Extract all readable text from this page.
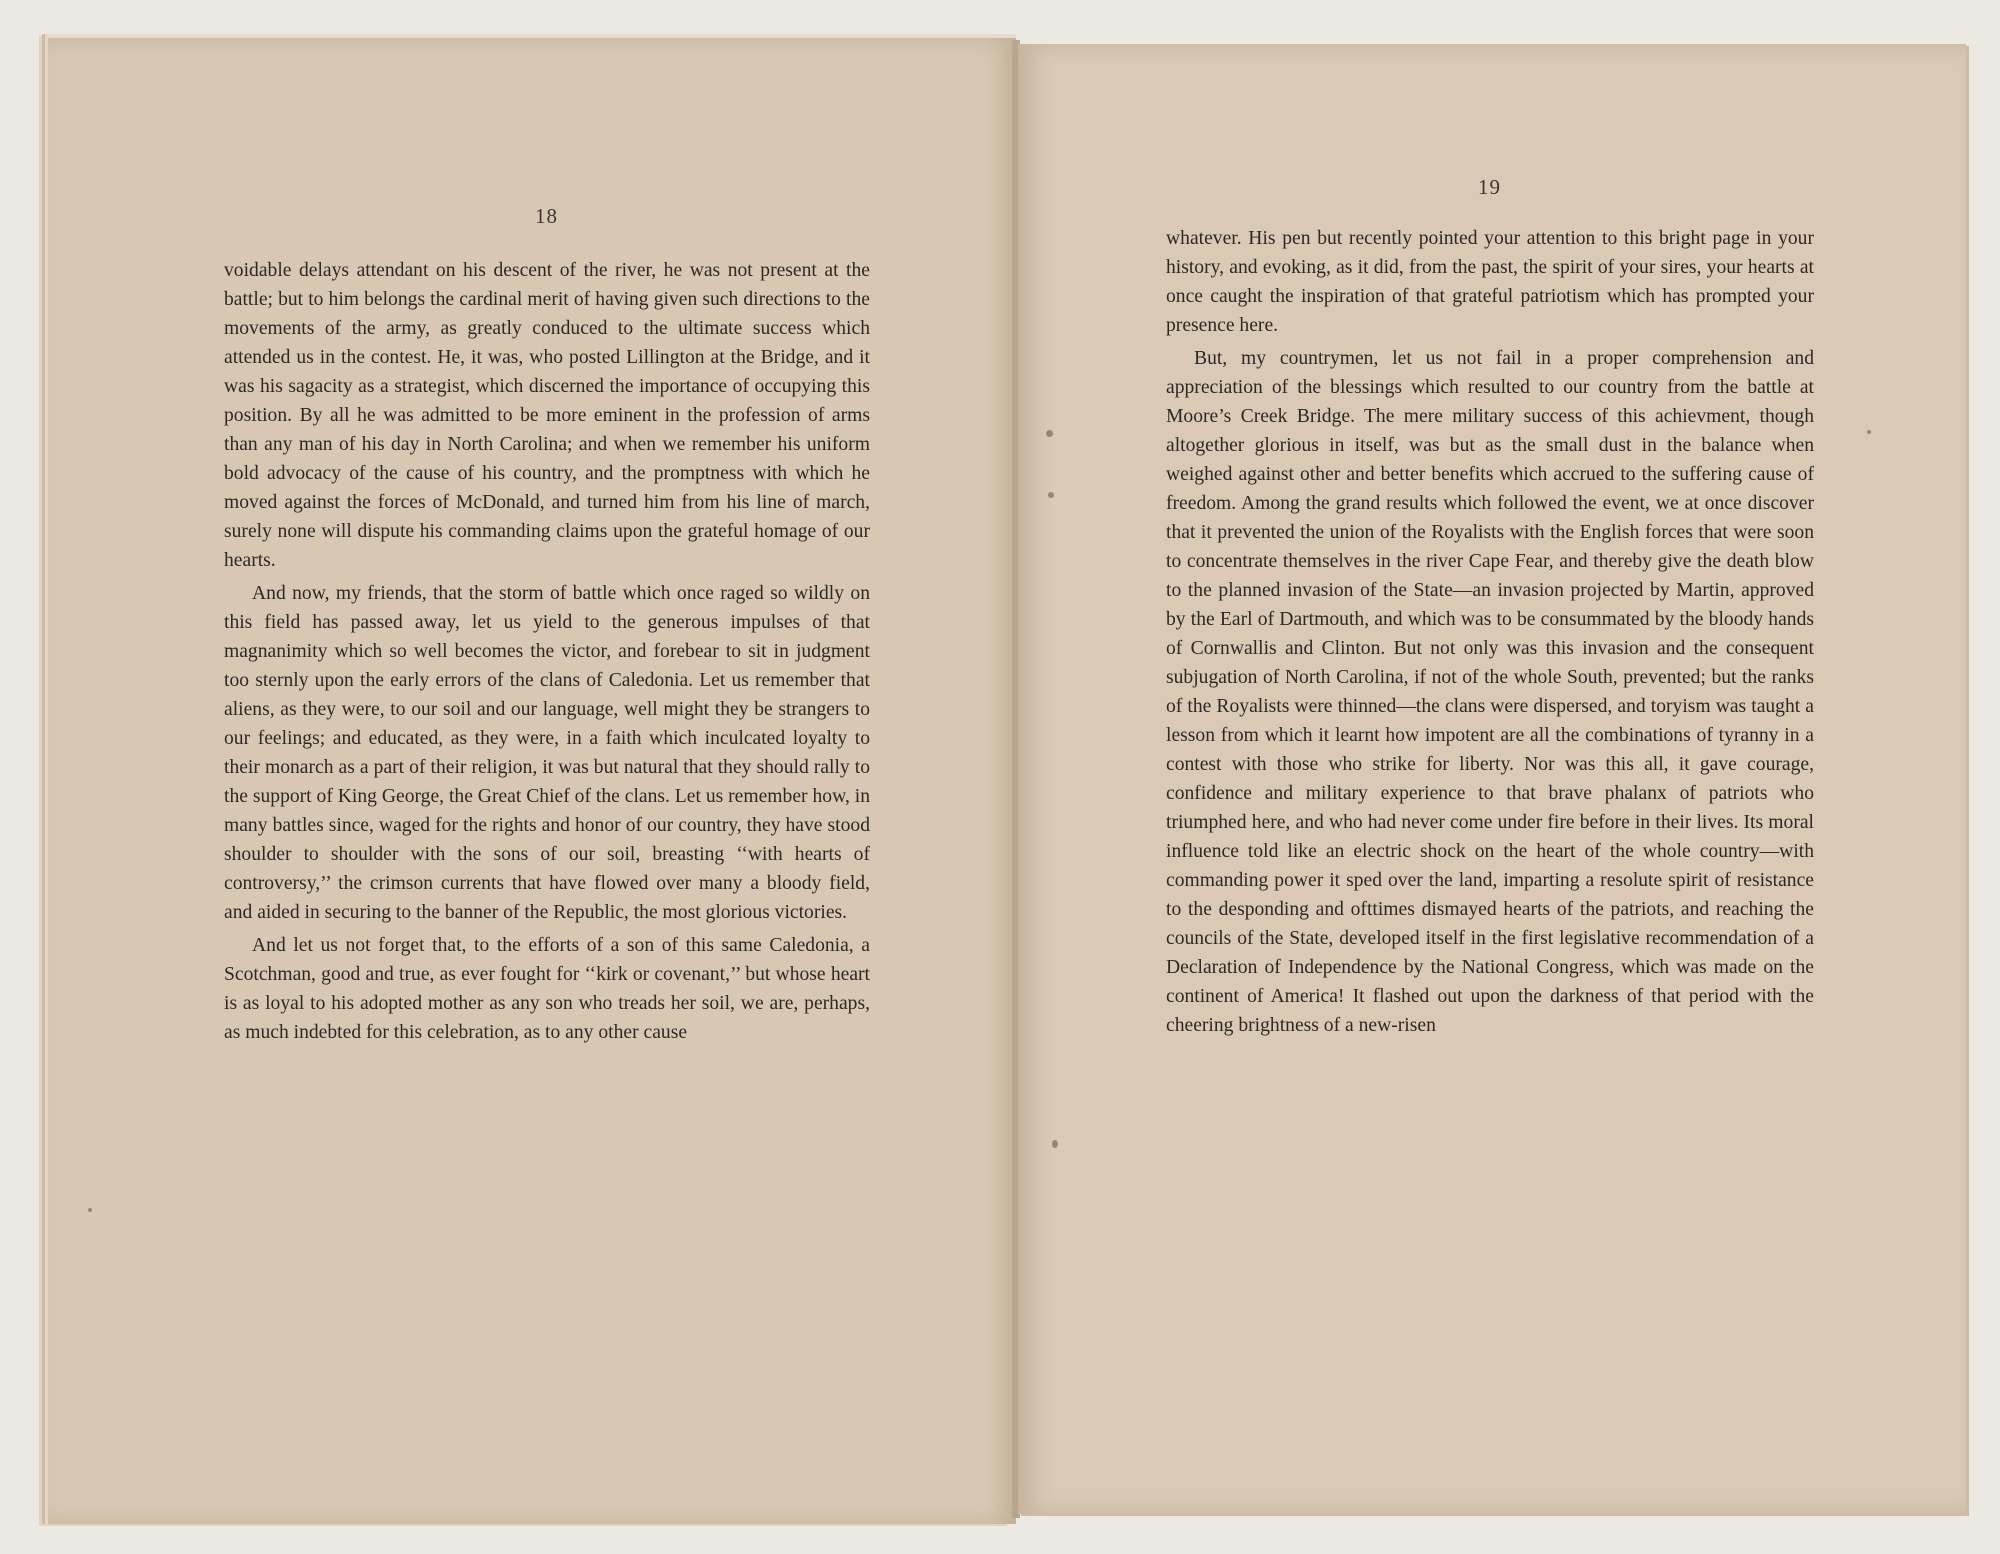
18
19

voidable delays attendant on his descent of the river, he was not present at the battle; but to him belongs the cardinal merit of having given such directions to the movements of the army, as greatly conduced to the ultimate success which attended us in the contest. He, it was, who posted Lillington at the Bridge, and it was his sagacity as a strategist, which discerned the importance of occupying this position. By all he was admitted to be more eminent in the profession of arms than any man of his day in North Carolina; and when we remember his uniform bold advocacy of the cause of his country, and the promptness with which he moved against the forces of McDonald, and turned him from his line of march, surely none will dispute his commanding claims upon the grateful homage of our hearts.

And now, my friends, that the storm of battle which once raged so wildly on this field has passed away, let us yield to the generous impulses of that magnanimity which so well becomes the victor, and forebear to sit in judgment too sternly upon the early errors of the clans of Caledonia. Let us remember that aliens, as they were, to our soil and our language, well might they be strangers to our feelings; and educated, as they were, in a faith which inculcated loyalty to their monarch as a part of their religion, it was but natural that they should rally to the support of King George, the Great Chief of the clans. Let us remember how, in many battles since, waged for the rights and honor of our country, they have stood shoulder to shoulder with the sons of our soil, breasting ‘‘with hearts of controversy,’’ the crimson currents that have flowed over many a bloody field, and aided in securing to the banner of the Republic, the most glorious victories.

And let us not forget that, to the efforts of a son of this same Caledonia, a Scotchman, good and true, as ever fought for ‘‘kirk or covenant,’’ but whose heart is as loyal to his adopted mother as any son who treads her soil, we are, perhaps, as much indebted for this celebration, as to any other cause

whatever. His pen but recently pointed your attention to this bright page in your history, and evoking, as it did, from the past, the spirit of your sires, your hearts at once caught the inspiration of that grateful patriotism which has prompted your presence here.

But, my countrymen, let us not fail in a proper comprehension and appreciation of the blessings which resulted to our country from the battle at Moore’s Creek Bridge. The mere military success of this achievment, though altogether glorious in itself, was but as the small dust in the balance when weighed against other and better benefits which accrued to the suffering cause of freedom. Among the grand results which followed the event, we at once discover that it prevented the union of the Royalists with the English forces that were soon to concentrate themselves in the river Cape Fear, and thereby give the death blow to the planned invasion of the State—an invasion projected by Martin, approved by the Earl of Dartmouth, and which was to be consummated by the bloody hands of Cornwallis and Clinton. But not only was this invasion and the consequent subjugation of North Carolina, if not of the whole South, prevented; but the ranks of the Royalists were thinned—the clans were dispersed, and toryism was taught a lesson from which it learnt how impotent are all the combinations of tyranny in a contest with those who strike for liberty. Nor was this all, it gave courage, confidence and military experience to that brave phalanx of patriots who triumphed here, and who had never come under fire before in their lives. Its moral influence told like an electric shock on the heart of the whole country—with commanding power it sped over the land, imparting a resolute spirit of resistance to the desponding and ofttimes dismayed hearts of the patriots, and reaching the councils of the State, developed itself in the first legislative recommendation of a Declaration of Independence by the National Congress, which was made on the continent of America! It flashed out upon the darkness of that period with the cheering brightness of a new-risen
